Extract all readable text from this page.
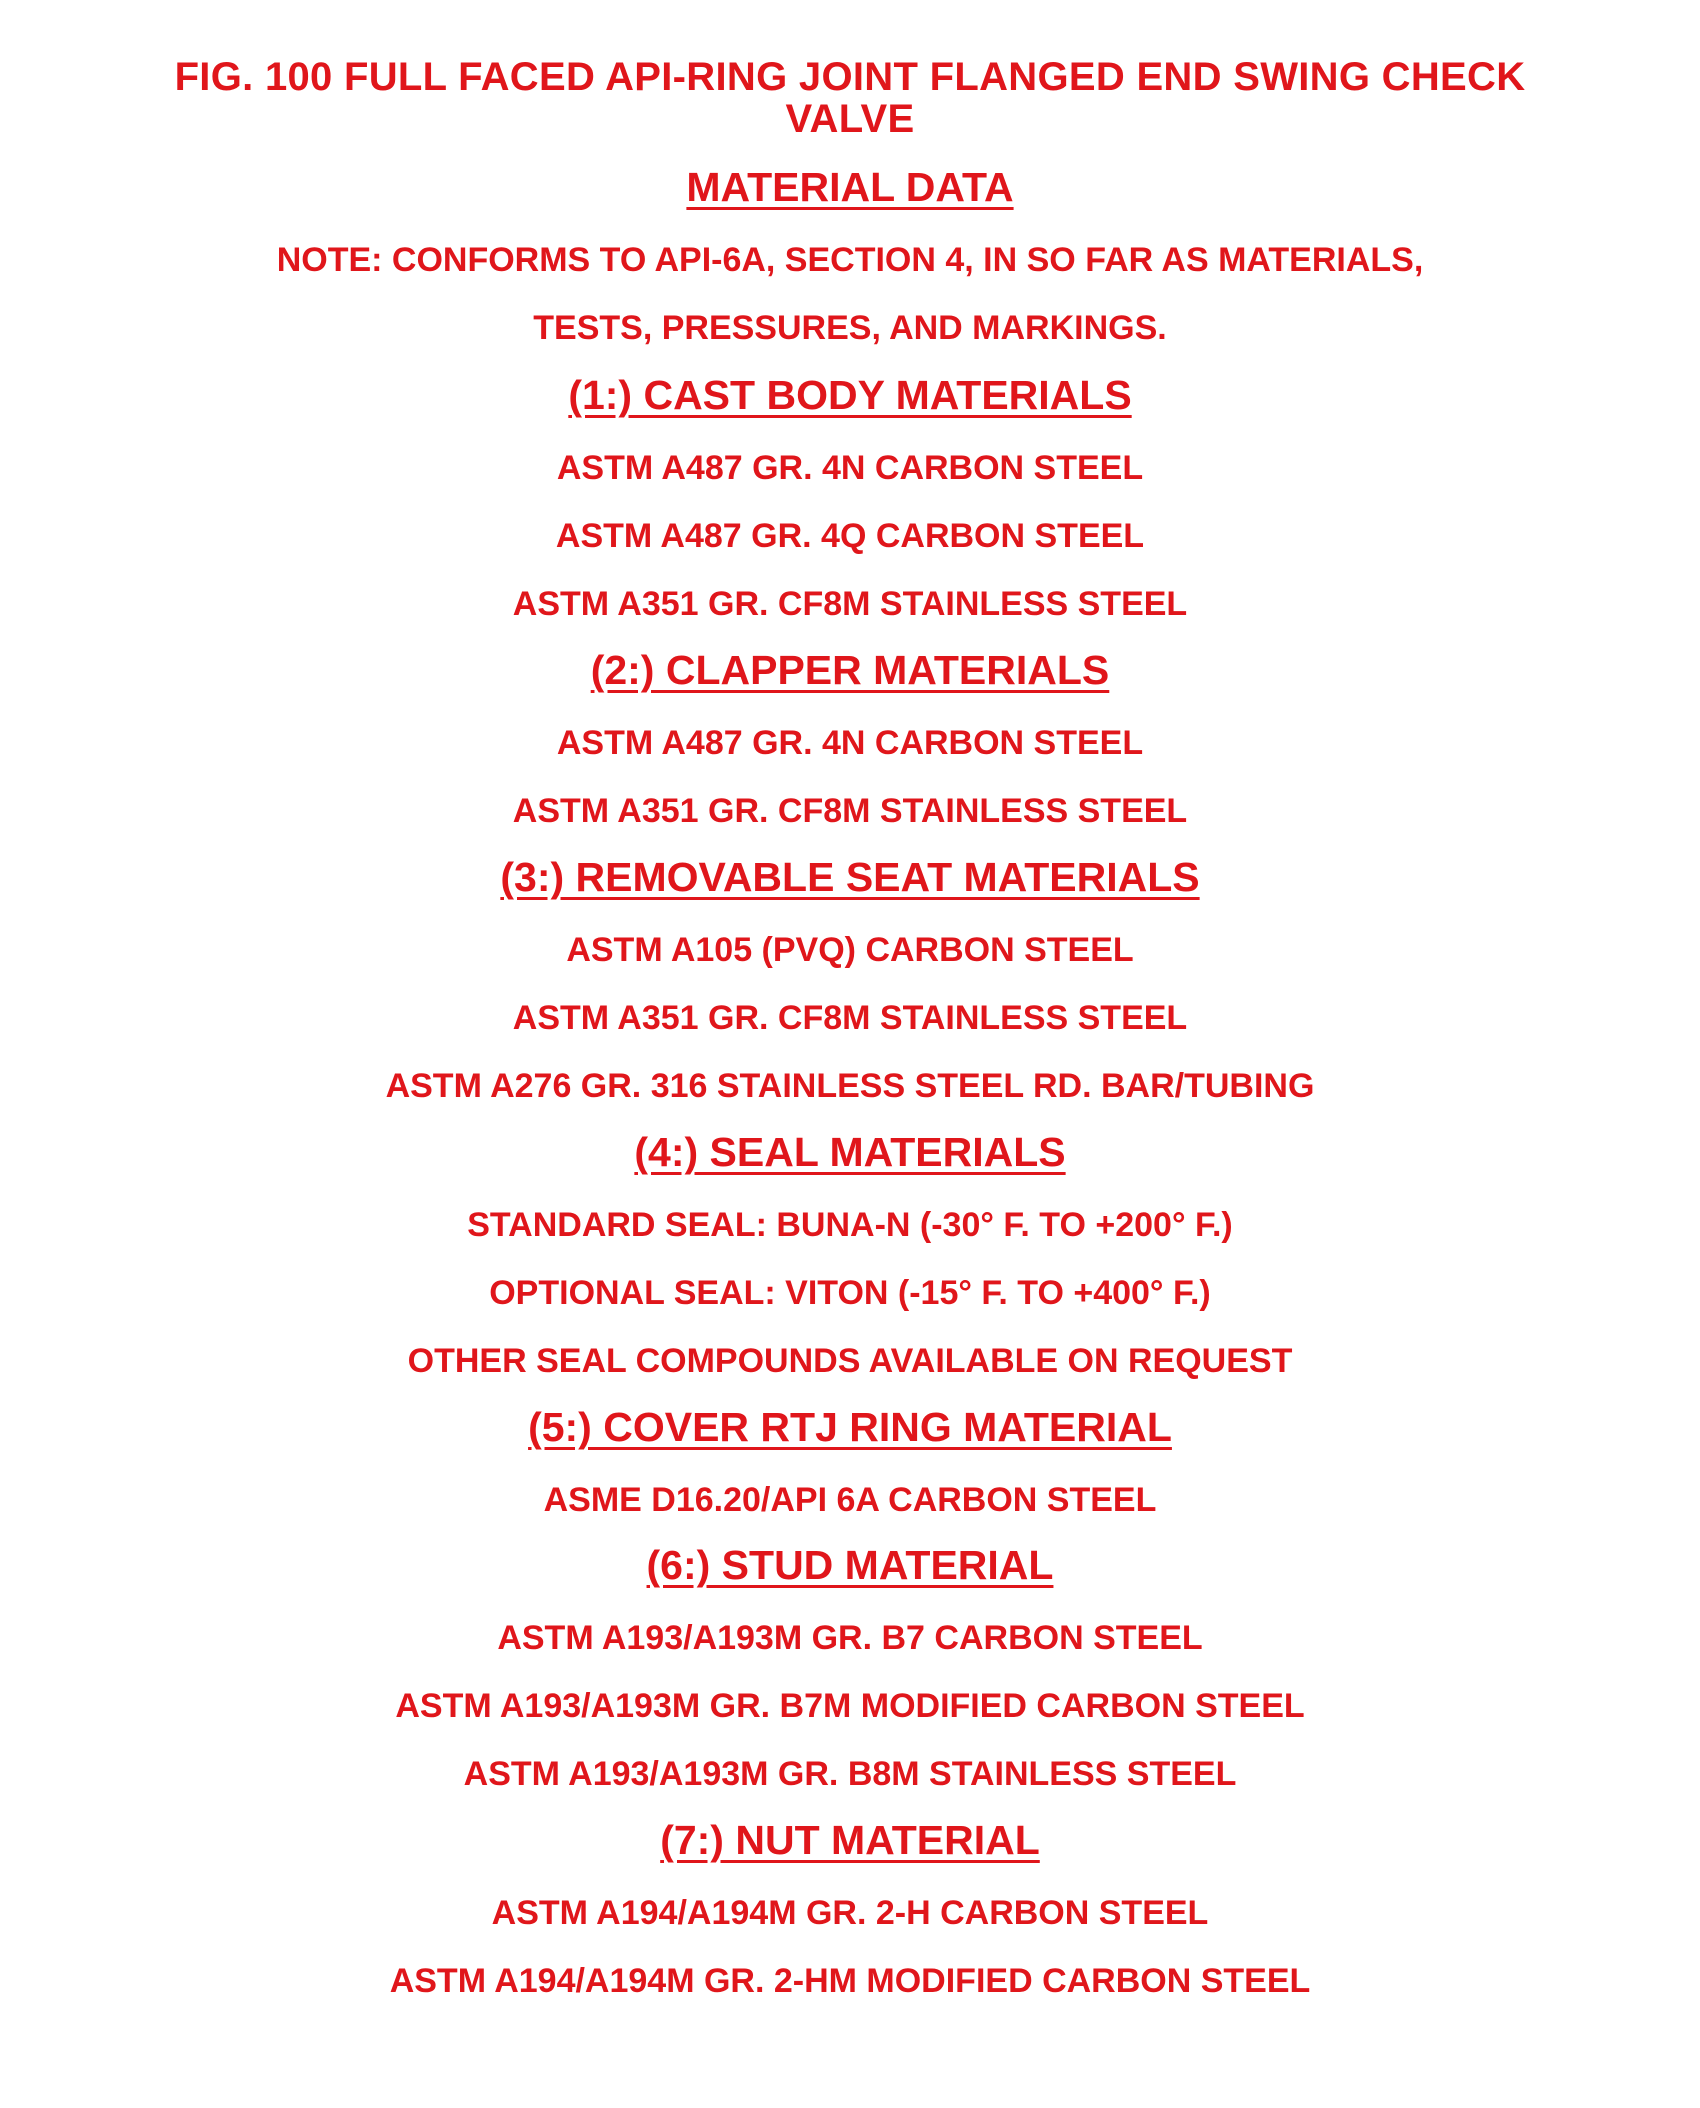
FIG. 100 FULL FACED API-RING JOINT FLANGED END SWING CHECK VALVE
MATERIAL DATA
NOTE: CONFORMS TO API-6A, SECTION 4, IN SO FAR AS MATERIALS,
TESTS, PRESSURES, AND MARKINGS.
(1:) CAST BODY MATERIALS
ASTM A487 GR. 4N CARBON STEEL
ASTM A487 GR. 4Q CARBON STEEL
ASTM A351 GR. CF8M STAINLESS STEEL
(2:) CLAPPER MATERIALS
ASTM A487 GR. 4N CARBON STEEL
ASTM A351 GR. CF8M STAINLESS STEEL
(3:) REMOVABLE SEAT MATERIALS
ASTM A105 (PVQ) CARBON STEEL
ASTM A351 GR. CF8M STAINLESS STEEL
ASTM A276 GR. 316 STAINLESS STEEL RD. BAR/TUBING
(4:) SEAL MATERIALS
STANDARD SEAL: BUNA-N (-30° F. TO +200° F.)
OPTIONAL SEAL: VITON (-15° F. TO +400° F.)
OTHER SEAL COMPOUNDS AVAILABLE ON REQUEST
(5:) COVER RTJ RING MATERIAL
ASME D16.20/API 6A CARBON STEEL
(6:) STUD MATERIAL
ASTM A193/A193M GR. B7 CARBON STEEL
ASTM A193/A193M GR. B7M MODIFIED CARBON STEEL
ASTM A193/A193M GR. B8M STAINLESS STEEL
(7:) NUT MATERIAL
ASTM A194/A194M GR. 2-H CARBON STEEL
ASTM A194/A194M GR. 2-HM MODIFIED CARBON STEEL
